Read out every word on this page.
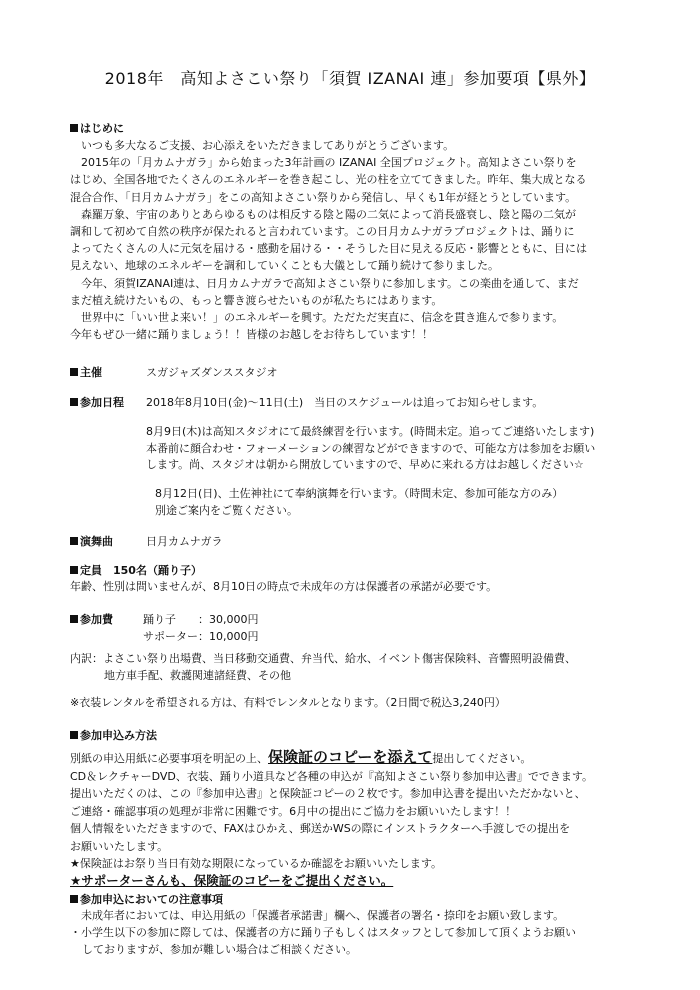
2018年　高知よさこい祭り「須賀 IZANAI 連」参加要項【県外】
はじめに
いつも多大なるご支援、お心添えをいただきましてありがとうございます。
2015年の「月カムナガラ」から始まった3年計画の IZANAI 全国プロジェクト。高知よさこい祭りを
はじめ、全国各地でたくさんのエネルギーを巻き起こし、光の柱を立ててきました。昨年、集大成となる
混合合作、「日月カムナガラ」をこの高知よさこい祭りから発信し、早くも1年が経とうとしています。
森羅万象、宇宙のありとあらゆるものは相反する陰と陽の二気によって消長盛衰し、陰と陽の二気が
調和して初めて自然の秩序が保たれると言われています。この日月カムナガラプロジェクトは、踊りに
よってたくさんの人に元気を届ける・感動を届ける・・そうした目に見える反応・影響とともに、目には
見えない、地球のエネルギーを調和していくことも大儀として踊り続けて参りました。
今年、須賀IZANAI連は、日月カムナガラで高知よさこい祭りに参加します。この楽曲を通して、まだ
まだ植え続けたいもの、もっと響き渡らせたいものが私たちにはあります。
世界中に「いい世よ来い！」のエネルギーを興す。ただただ実直に、信念を貫き進んで参ります。
今年もぜひ一緒に踊りましょう！！皆様のお越しをお待ちしています！！
主催	スガジャズダンススタジオ
参加日程 2018年8月10日(金)〜11日(土)　当日のスケジュールは追ってお知らせします。
8月9日(木)は高知スタジオにて最終練習を行います。(時間未定。追ってご連絡いたします)
本番前に顔合わせ・フォーメーションの練習などができますので、可能な方は参加をお願い
します。尚、スタジオは朝から開放していますので、早めに来れる方はお越しください☆
8月12日(日)、土佐神社にて奉納演舞を行います。（時間未定、参加可能な方のみ）
別途ご案内をご覧ください。
演舞曲	日月カムナガラ
定員　150名（踊り子）
年齢、性別は問いませんが、8月10日の時点で未成年の方は保護者の承諾が必要です。
参加費	踊り子　　：30,000円
サポーター：10,000円
内訳：よさこい祭り出場費、当日移動交通費、弁当代、給水、イベント傷害保険料、音響照明設備費、
地方車手配、救護関連諸経費、その他
※衣装レンタルを希望される方は、有料でレンタルとなります。（2日間で税込3,240円）
参加申込み方法
別紙の申込用紙に必要事項を明記の上、保険証のコピーを添えて提出してください。
CD＆レクチャーDVD、衣装、踊り小道具など各種の申込が『高知よさこい祭り参加申込書』でできます。
提出いただくのは、この『参加申込書』と保険証コピーの２枚です。参加申込書を提出いただかないと、
ご連絡・確認事項の処理が非常に困難です。6月中の提出にご協力をお願いいたします！！
個人情報をいただきますので、FAXはひかえ、郵送かWSの際にインストラクターへ手渡しでの提出を
お願いいたします。
★保険証はお祭り当日有効な期限になっているか確認をお願いいたします。
★サポーターさんも、保険証のコピーをご提出ください。
参加申込においての注意事項
未成年者においては、申込用紙の「保護者承諾書」欄へ、保護者の署名・捺印をお願い致します。
・小学生以下の参加に際しては、保護者の方に踊り子もしくはスタッフとして参加して頂くようお願い
しておりますが、参加が難しい場合はご相談ください。
